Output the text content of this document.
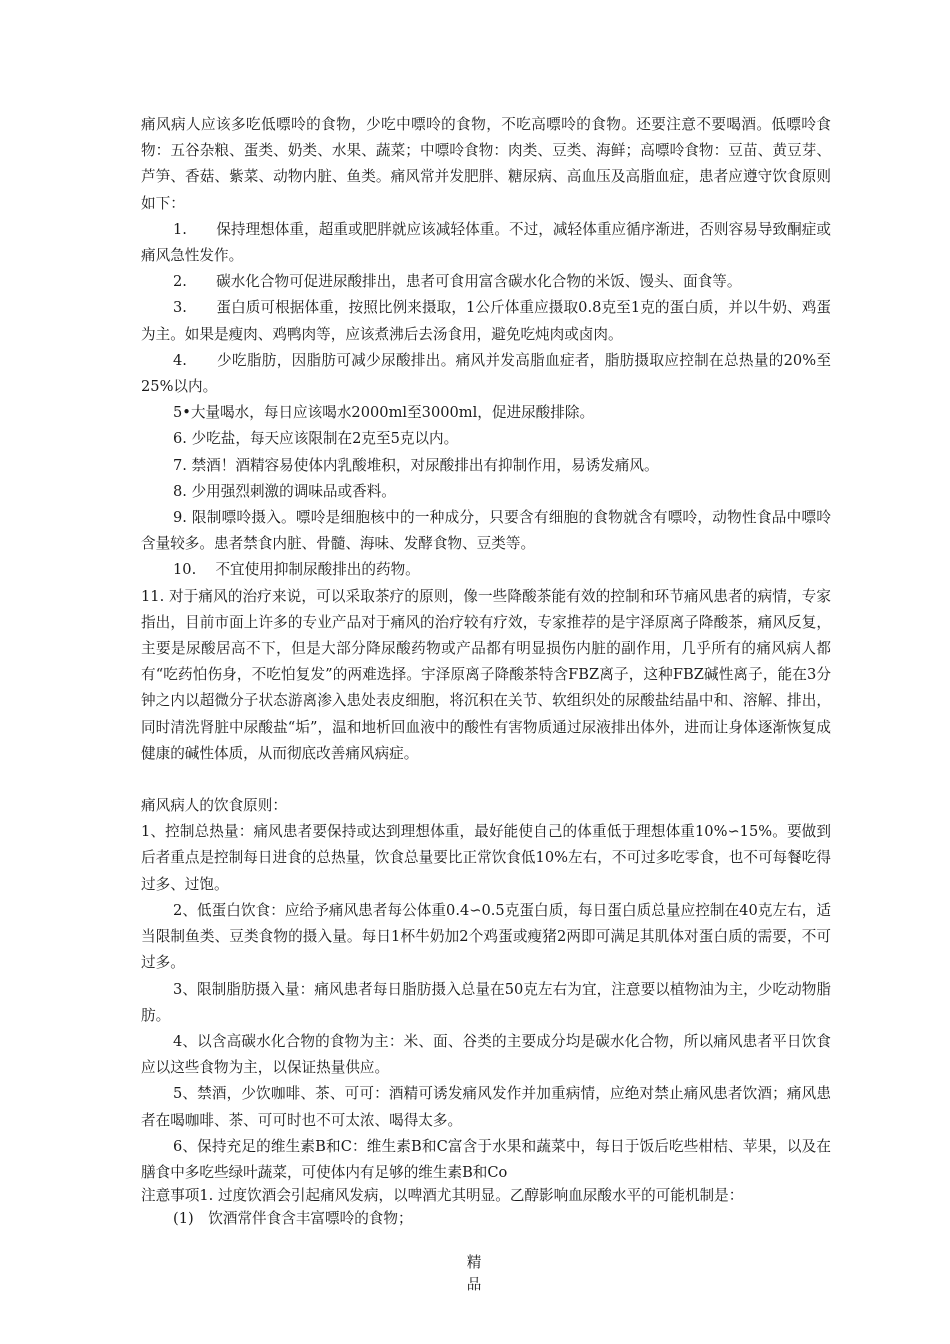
痛风病人应该多吃低嘌呤的食物，少吃中嘌呤的食物，不吃高嘌呤的食物。还要注意不要喝酒。低嘌呤食物：五谷杂粮、蛋类、奶类、水果、蔬菜；中嘌呤食物：肉类、豆类、海鲜；高嘌呤食物：豆苗、黄豆芽、芦笋、香菇、紫菜、动物内脏、鱼类。痛风常并发肥胖、糖尿病、高血压及高脂血症，患者应遵守饮食原则如下：

1.　　保持理想体重，超重或肥胖就应该减轻体重。不过，减轻体重应循序渐进，否则容易导致酮症或痛风急性发作。

2.　　碳水化合物可促进尿酸排出，患者可食用富含碳水化合物的米饭、馒头、面食等。

3.　　蛋白质可根据体重，按照比例来摄取，1公斤体重应摄取0.8克至1克的蛋白质，并以牛奶、鸡蛋为主。如果是瘦肉、鸡鸭肉等，应该煮沸后去汤食用，避免吃炖肉或卤肉。

4.　　少吃脂肪，因脂肪可减少尿酸排出。痛风并发高脂血症者，脂肪摄取应控制在总热量的20%至25%以内。

5•大量喝水，每日应该喝水2000ml至3000ml，促进尿酸排除。

6. 少吃盐，每天应该限制在2克至5克以内。

7. 禁酒！酒精容易使体内乳酸堆积，对尿酸排出有抑制作用，易诱发痛风。

8. 少用强烈刺激的调味品或香料。

9. 限制嘌呤摄入。嘌呤是细胞核中的一种成分，只要含有细胞的食物就含有嘌呤，动物性食品中嘌呤含量较多。患者禁食内脏、骨髓、海味、发酵食物、豆类等。

10.　 不宜使用抑制尿酸排出的药物。

11. 对于痛风的治疗来说，可以采取茶疗的原则，像一些降酸茶能有效的控制和环节痛风患者的病情，专家指出，目前市面上许多的专业产品对于痛风的治疗较有疗效，专家推荐的是宇泽原离子降酸茶，痛风反复，主要是尿酸居高不下，但是大部分降尿酸药物或产品都有明显损伤内脏的副作用，几乎所有的痛风病人都有“吃药怕伤身，不吃怕复发”的两难选择。宇泽原离子降酸茶特含FBZ离子，这种FBZ碱性离子，能在3分钟之内以超微分子状态游离渗入患处表皮细胞，将沉积在关节、软组织处的尿酸盐结晶中和、溶解、排出，同时清洗肾脏中尿酸盐“垢”，温和地析回血液中的酸性有害物质通过尿液排出体外，进而让身体逐渐恢复成健康的碱性体质，从而彻底改善痛风病症。

痛风病人的饮食原则：

1、控制总热量：痛风患者要保持或达到理想体重，最好能使自己的体重低于理想体重10%∽15%。要做到后者重点是控制每日进食的总热量，饮食总量要比正常饮食低10%左右，不可过多吃零食，也不可每餐吃得过多、过饱。

2、低蛋白饮食：应给予痛风患者每公体重0.4∽0.5克蛋白质，每日蛋白质总量应控制在40克左右，适当限制鱼类、豆类食物的摄入量。每日1杯牛奶加2个鸡蛋或瘦猪2两即可满足其肌体对蛋白质的需要，不可过多。

3、限制脂肪摄入量：痛风患者每日脂肪摄入总量在50克左右为宜，注意要以植物油为主，少吃动物脂肪。

4、以含高碳水化合物的食物为主：米、面、谷类的主要成分均是碳水化合物，所以痛风患者平日饮食应以这些食物为主，以保证热量供应。

5、禁酒，少饮咖啡、茶、可可：酒精可诱发痛风发作并加重病情，应绝对禁止痛风患者饮酒；痛风患者在喝咖啡、茶、可可时也不可太浓、喝得太多。

6、保持充足的维生素B和C：维生素B和C富含于水果和蔬菜中，每日于饭后吃些柑桔、苹果，以及在膳食中多吃些绿叶蔬菜，可使体内有足够的维生素B和Co

注意事项1. 过度饮酒会引起痛风发病，以啤酒尤其明显。乙醇影响血尿酸水平的可能机制是：

(1)　饮酒常伴食含丰富嘌呤的食物；

精
品
